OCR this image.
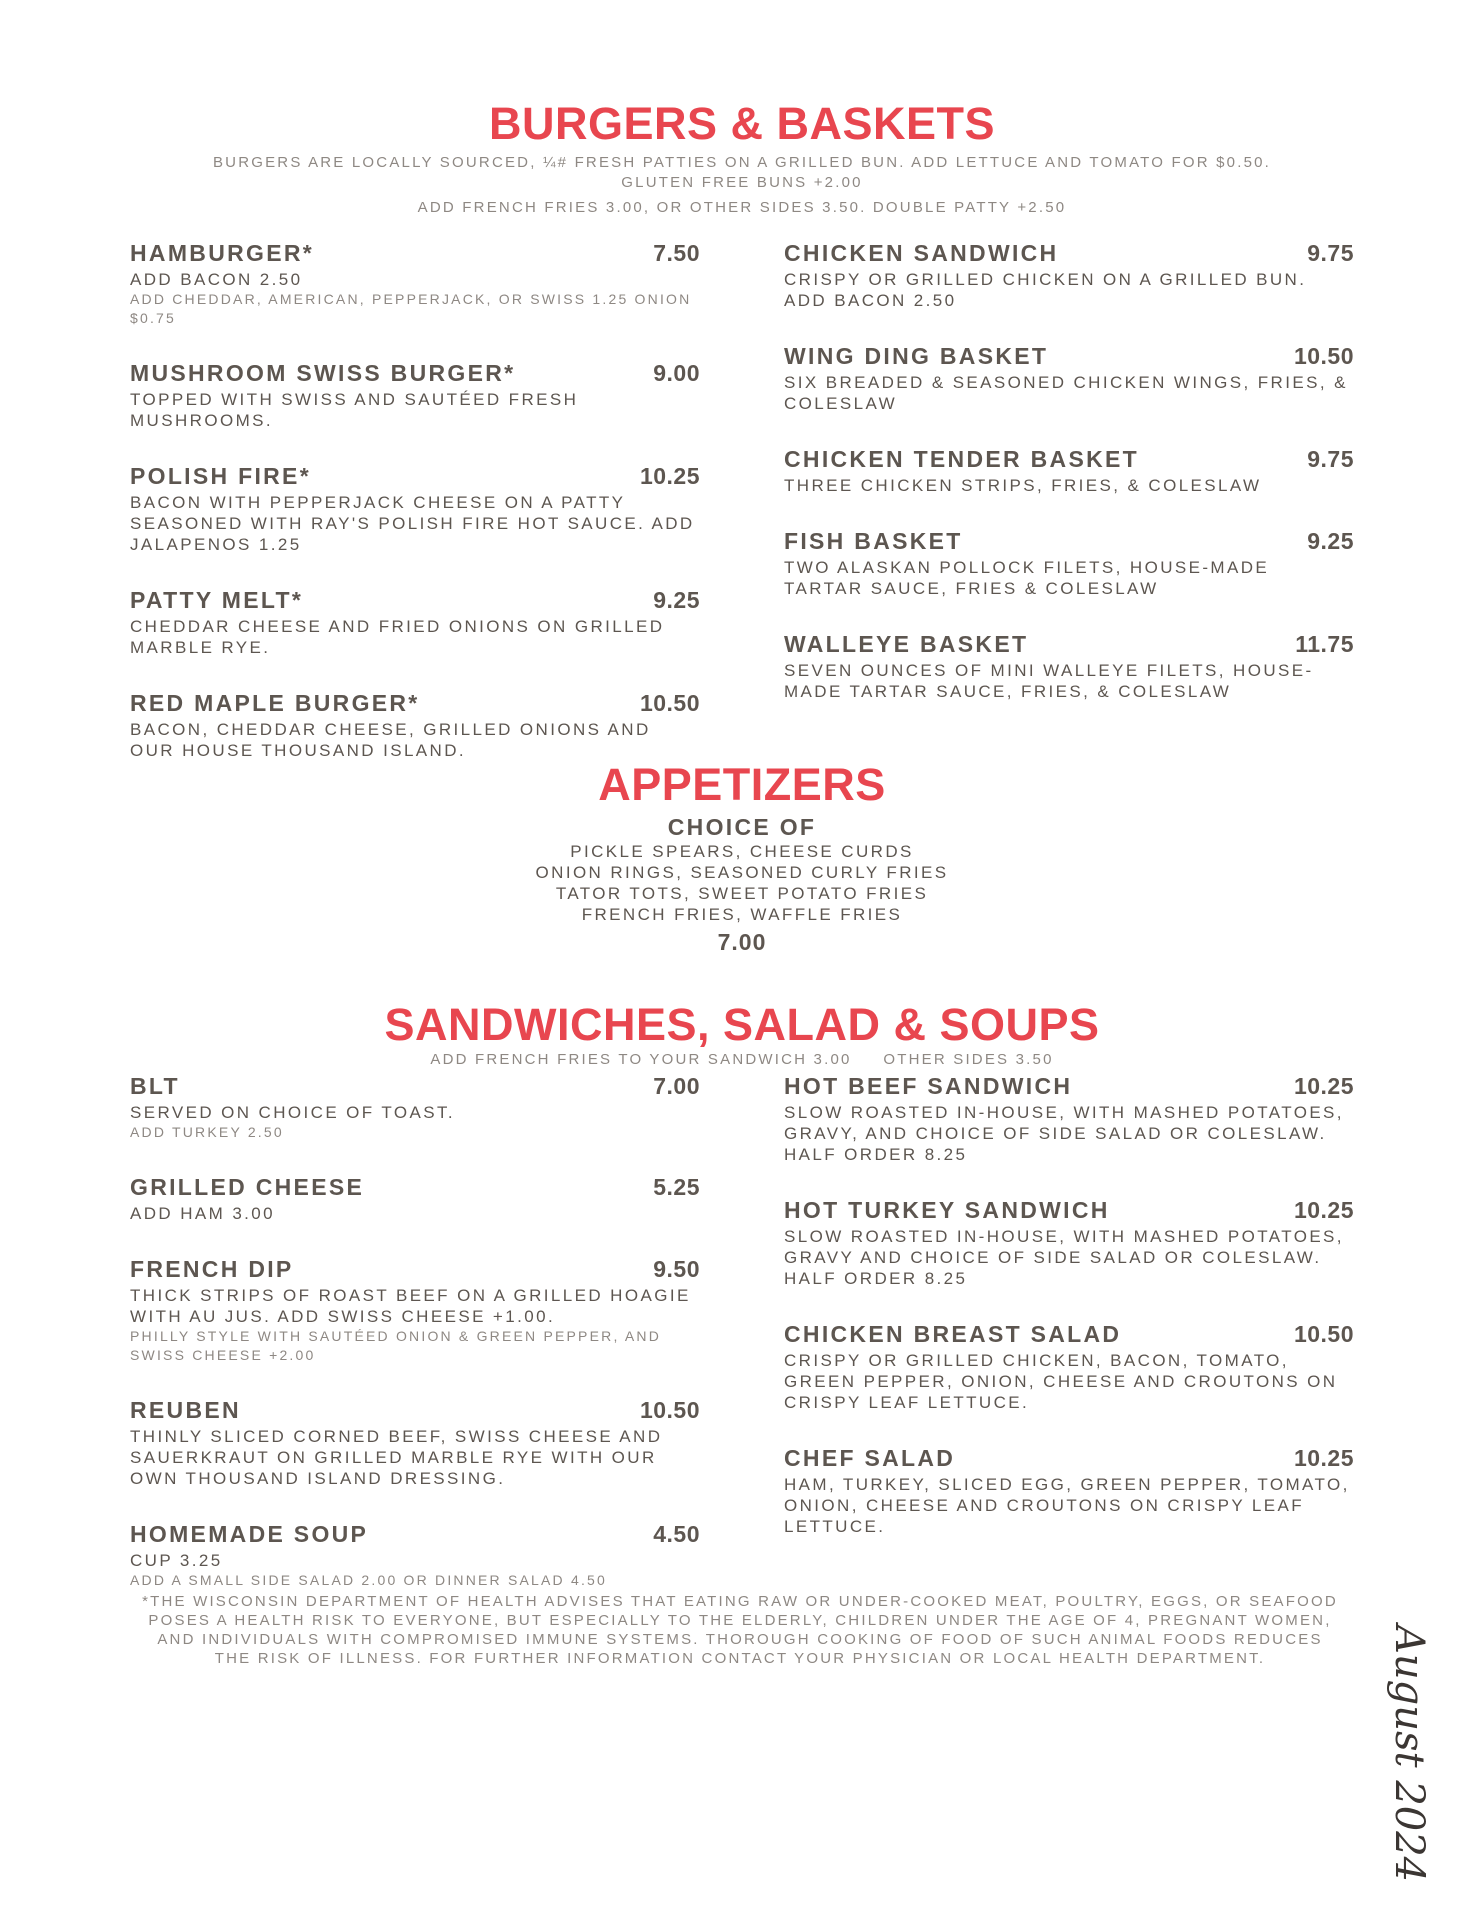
BURGERS & BASKETS

BURGERS ARE LOCALLY SOURCED, ¼# FRESH PATTIES ON A GRILLED BUN. ADD LETTUCE AND TOMATO FOR $0.50.

GLUTEN FREE BUNS +2.00

ADD FRENCH FRIES 3.00, OR OTHER SIDES 3.50. DOUBLE PATTY +2.50

HAMBURGER*	7.50
ADD BACON 2.50
ADD CHEDDAR, AMERICAN, PEPPERJACK, OR SWISS 1.25 ONION $0.75
MUSHROOM SWISS BURGER*	9.00
TOPPED WITH SWISS AND SAUTÉED FRESH MUSHROOMS.
POLISH FIRE*	10.25
BACON WITH PEPPERJACK CHEESE ON A PATTY SEASONED WITH RAY'S POLISH FIRE HOT SAUCE. ADD JALAPENOS 1.25
PATTY MELT*	9.25
CHEDDAR CHEESE AND FRIED ONIONS ON GRILLED MARBLE RYE.
RED MAPLE BURGER*	10.50
BACON, CHEDDAR CHEESE, GRILLED ONIONS AND OUR HOUSE THOUSAND ISLAND.
CHICKEN SANDWICH	9.75
CRISPY OR GRILLED CHICKEN ON A GRILLED BUN. ADD BACON 2.50
WING DING BASKET	10.50
SIX BREADED & SEASONED CHICKEN WINGS, FRIES, & COLESLAW
CHICKEN TENDER BASKET	9.75
THREE CHICKEN STRIPS, FRIES, & COLESLAW
FISH BASKET	9.25
TWO ALASKAN POLLOCK FILETS, HOUSE-MADE TARTAR SAUCE, FRIES & COLESLAW
WALLEYE BASKET	11.75
SEVEN OUNCES OF MINI WALLEYE FILETS, HOUSE-MADE TARTAR SAUCE, FRIES, & COLESLAW
APPETIZERS

CHOICE OF

PICKLE SPEARS, CHEESE CURDS

ONION RINGS, SEASONED CURLY FRIES

TATOR TOTS, SWEET POTATO FRIES

FRENCH FRIES, WAFFLE FRIES

7.00
SANDWICHES, SALAD & SOUPS

ADD FRENCH FRIES TO YOUR SANDWICH 3.00     OTHER SIDES 3.50

BLT	7.00
SERVED ON CHOICE OF TOAST.
ADD TURKEY 2.50
GRILLED CHEESE	5.25
ADD HAM 3.00
FRENCH DIP	9.50
THICK STRIPS OF ROAST BEEF ON A GRILLED HOAGIE WITH AU JUS. ADD SWISS CHEESE +1.00.
PHILLY STYLE WITH SAUTÉED ONION & GREEN PEPPER, AND SWISS CHEESE +2.00
REUBEN	10.50
THINLY SLICED CORNED BEEF, SWISS CHEESE AND SAUERKRAUT ON GRILLED MARBLE RYE WITH OUR OWN THOUSAND ISLAND DRESSING.
HOMEMADE SOUP	4.50
CUP 3.25
ADD A SMALL SIDE SALAD 2.00 OR DINNER SALAD 4.50
HOT BEEF SANDWICH	10.25
SLOW ROASTED IN-HOUSE, WITH MASHED POTATOES, GRAVY, AND CHOICE OF SIDE SALAD OR COLESLAW. HALF ORDER 8.25
HOT TURKEY SANDWICH	10.25
SLOW ROASTED IN-HOUSE, WITH MASHED POTATOES, GRAVY AND CHOICE OF SIDE SALAD OR COLESLAW. HALF ORDER 8.25
CHICKEN BREAST SALAD	10.50
CRISPY OR GRILLED CHICKEN, BACON, TOMATO, GREEN PEPPER, ONION, CHEESE AND CROUTONS ON CRISPY LEAF LETTUCE.
CHEF SALAD	10.25
HAM, TURKEY, SLICED EGG, GREEN PEPPER, TOMATO, ONION, CHEESE AND CROUTONS ON CRISPY LEAF LETTUCE.

*THE WISCONSIN DEPARTMENT OF HEALTH ADVISES THAT EATING RAW OR UNDER-COOKED MEAT, POULTRY, EGGS, OR SEAFOOD POSES A HEALTH RISK TO EVERYONE, BUT ESPECIALLY TO THE ELDERLY, CHILDREN UNDER THE AGE OF 4, PREGNANT WOMEN, AND INDIVIDUALS WITH COMPROMISED IMMUNE SYSTEMS. THOROUGH COOKING OF FOOD OF SUCH ANIMAL FOODS REDUCES THE RISK OF ILLNESS. FOR FURTHER INFORMATION CONTACT YOUR PHYSICIAN OR LOCAL HEALTH DEPARTMENT.	August 2024
